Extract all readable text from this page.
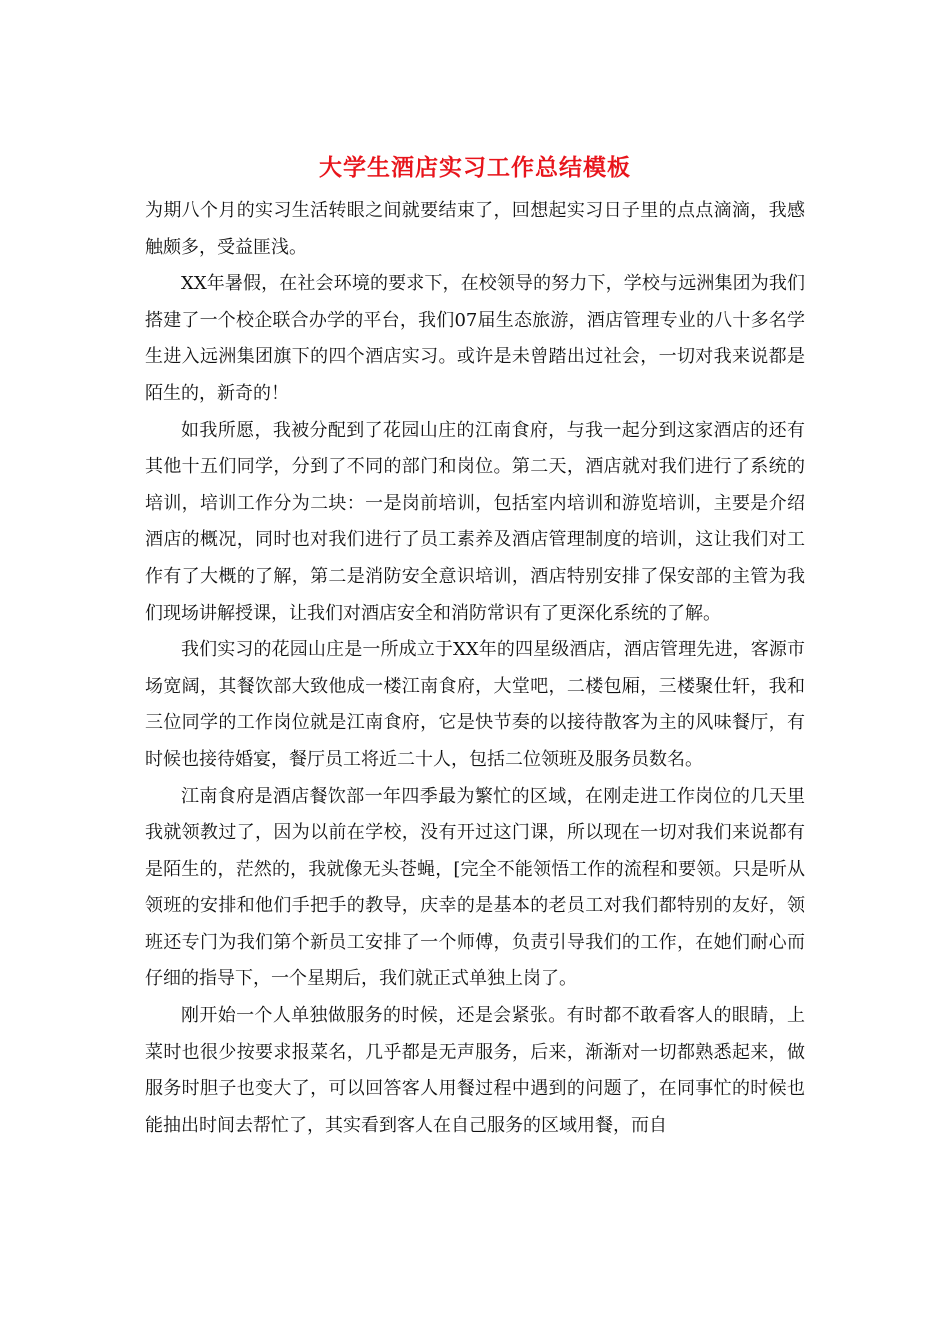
大学生酒店实习工作总结模板

为期八个月的实习生活转眼之间就要结束了，回想起实习日子里的点点滴滴，我感触颇多，受益匪浅。

XX年暑假，在社会环境的要求下，在校领导的努力下，学校与远洲集团为我们搭建了一个校企联合办学的平台，我们07届生态旅游，酒店管理专业的八十多名学生进入远洲集团旗下的四个酒店实习。或许是未曾踏出过社会，一切对我来说都是陌生的，新奇的！

如我所愿，我被分配到了花园山庄的江南食府，与我一起分到这家酒店的还有其他十五们同学，分到了不同的部门和岗位。第二天，酒店就对我们进行了系统的培训，培训工作分为二块：一是岗前培训，包括室内培训和游览培训，主要是介绍酒店的概况，同时也对我们进行了员工素养及酒店管理制度的培训，这让我们对工作有了大概的了解，第二是消防安全意识培训，酒店特别安排了保安部的主管为我们现场讲解授课，让我们对酒店安全和消防常识有了更深化系统的了解。

我们实习的花园山庄是一所成立于XX年的四星级酒店，酒店管理先进，客源市场宽阔，其餐饮部大致他成一楼江南食府，大堂吧，二楼包厢，三楼聚仕轩，我和三位同学的工作岗位就是江南食府，它是快节奏的以接待散客为主的风味餐厅，有时候也接待婚宴，餐厅员工将近二十人，包括二位领班及服务员数名。

江南食府是酒店餐饮部一年四季最为繁忙的区域，在刚走进工作岗位的几天里我就领教过了，因为以前在学校，没有开过这门课，所以现在一切对我们来说都有是陌生的，茫然的，我就像无头苍蝇，[完全不能领悟工作的流程和要领。只是听从领班的安排和他们手把手的教导，庆幸的是基本的老员工对我们都特别的友好，领班还专门为我们第个新员工安排了一个师傅，负责引导我们的工作，在她们耐心而仔细的指导下，一个星期后，我们就正式单独上岗了。

刚开始一个人单独做服务的时候，还是会紧张。有时都不敢看客人的眼睛，上菜时也很少按要求报菜名，几乎都是无声服务，后来，渐渐对一切都熟悉起来，做服务时胆子也变大了，可以回答客人用餐过程中遇到的问题了，在同事忙的时候也能抽出时间去帮忙了，其实看到客人在自己服务的区域用餐，而自
